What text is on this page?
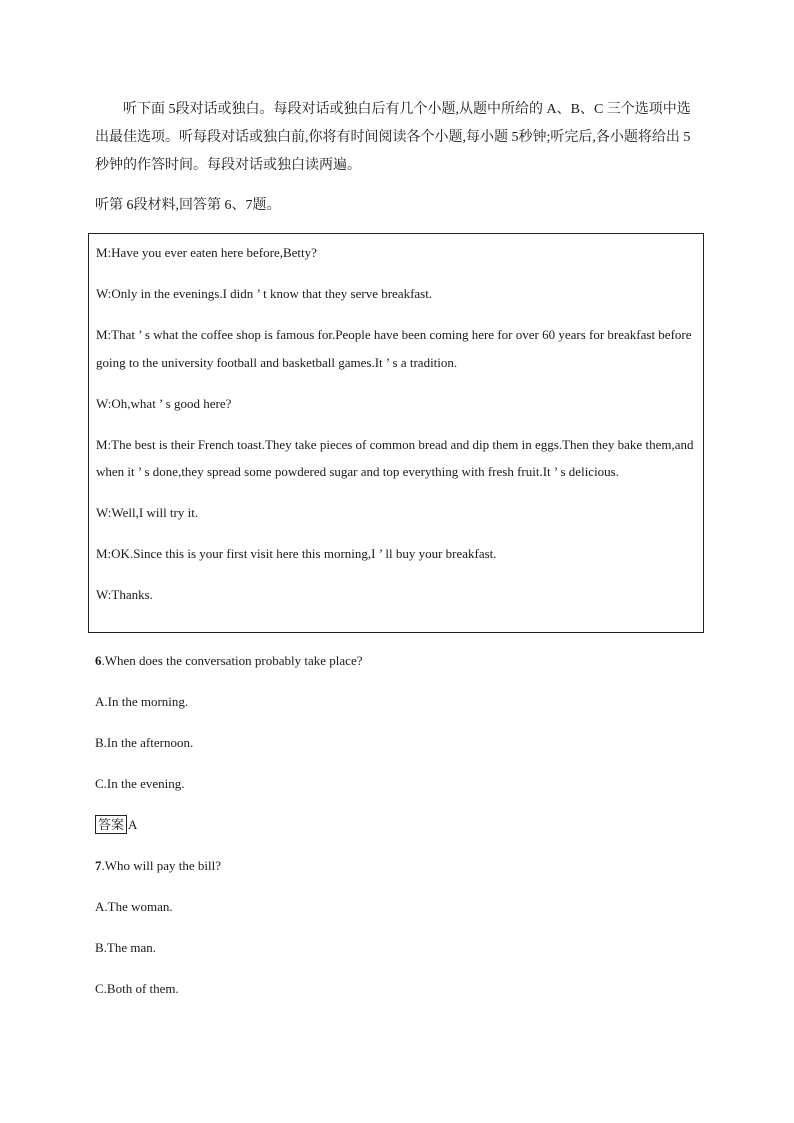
听下面 5段对话或独白。每段对话或独白后有几个小题,从题中所给的 A、B、C 三个选项中选出最佳选项。听每段对话或独白前,你将有时间阅读各个小题,每小题 5秒钟;听完后,各小题将给出 5秒钟的作答时间。每段对话或独白读两遍。
听第 6段材料,回答第 6、7题。

M:Have you ever eaten here before,Betty?

W:Only in the evenings.I didn ’ t know that they serve breakfast.

M:That ’ s what the coffee shop is famous for.People have been coming here for over 60 years for breakfast before going to the university football and basketball games.It ’ s a tradition.

W:Oh,what ’ s good here?

M:The best is their French toast.They take pieces of common bread and dip them in eggs.Then they bake them,and when it ’ s done,they spread some powdered sugar and top everything with fresh fruit.It ’ s delicious.

W:Well,I will try it.

M:OK.Since this is your first visit here this morning,I ’ ll buy your breakfast.

W:Thanks.

6.When does the conversation probably take place?

A.In the morning.

B.In the afternoon.

C.In the evening.

答案 A

7.Who will pay the bill?

A.The woman.

B.The man.

C.Both of them.
